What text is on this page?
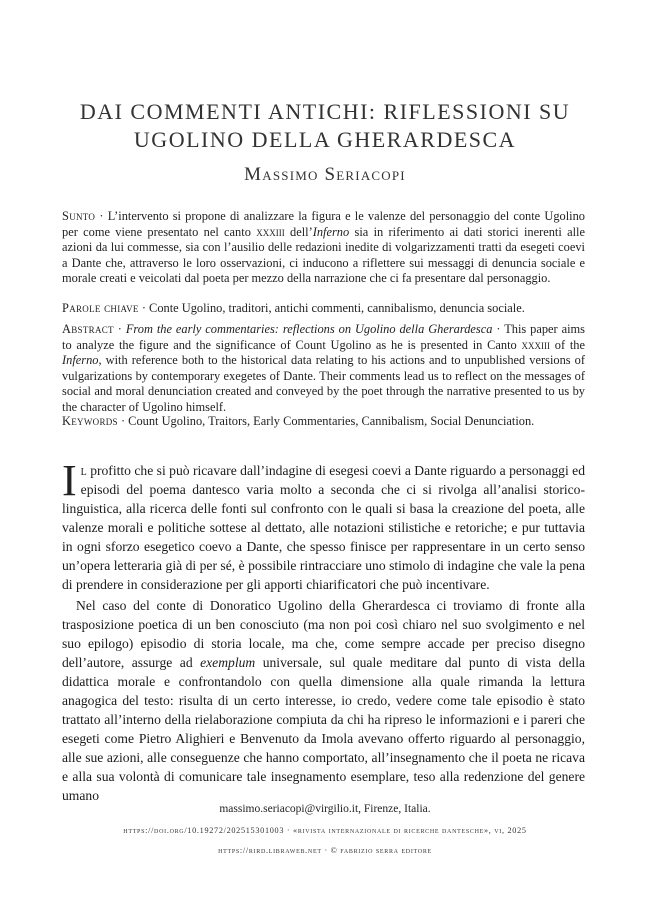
DAI COMMENTI ANTICHI: RIFLESSIONI SU
UGOLINO DELLA GHERARDESCA
Massimo Seriacopi
Sunto · L’intervento si propone di analizzare la figura e le valenze del personaggio del conte Ugolino per come viene presentato nel canto xxxiii dell’Inferno sia in riferimento ai dati storici inerenti alle azioni da lui commesse, sia con l’ausilio delle redazioni inedite di volgarizzamenti tratti da esegeti coevi a Dante che, attraverso le loro osservazioni, ci inducono a riflettere sui messaggi di denuncia sociale e morale creati e veicolati dal poeta per mezzo della narrazione che ci fa presentare dal personaggio.
Parole chiave · Conte Ugolino, traditori, antichi commenti, cannibalismo, denuncia sociale.
Abstract · From the early commentaries: reflections on Ugolino della Gherardesca · This paper aims to analyze the figure and the significance of Count Ugolino as he is presented in Canto xxxiii of the Inferno, with reference both to the historical data relating to his actions and to unpublished versions of vulgarizations by contemporary exegetes of Dante. Their comments lead us to reflect on the messages of social and moral denunciation created and conveyed by the poet through the narrative presented to us by the character of Ugolino himself.
Keywords · Count Ugolino, Traitors, Early Commentaries, Cannibalism, Social Denunciation.
Il profitto che si può ricavare dall’indagine di esegesi coevi a Dante riguardo a personaggi ed episodi del poema dantesco varia molto a seconda che ci si rivolga all’analisi storico-linguistica, alla ricerca delle fonti sul confronto con le quali si basa la creazione del poeta, alle valenze morali e politiche sottese al dettato, alle notazioni stilistiche e retoriche; e pur tuttavia in ogni sforzo esegetico coevo a Dante, che spesso finisce per rappresentare in un certo senso un’opera letteraria già di per sé, è possibile rintracciare uno stimolo di indagine che vale la pena di prendere in considerazione per gli apporti chiarificatori che può incentivare.
Nel caso del conte di Donoratico Ugolino della Gherardesca ci troviamo di fronte alla trasposizione poetica di un ben conosciuto (ma non poi così chiaro nel suo svolgimento e nel suo epilogo) episodio di storia locale, ma che, come sempre accade per preciso disegno dell’autore, assurge ad exemplum universale, sul quale meditare dal punto di vista della didattica morale e confrontandolo con quella dimensione alla quale rimanda la lettura anagogica del testo: risulta di un certo interesse, io credo, vedere come tale episodio è stato trattato all’interno della rielaborazione compiuta da chi ha ripreso le informazioni e i pareri che esegeti come Pietro Alighieri e Benvenuto da Imola avevano offerto riguardo al personaggio, alle sue azioni, alle conseguenze che hanno comportato, all’insegnamento che il poeta ne ricava e alla sua volontà di comunicare tale insegnamento esemplare, teso alla redenzione del genere umano
massimo.seriacopi@virgilio.it, Firenze, Italia.
https://doi.org/10.19272/202515301003 · «rivista internazionale di ricerche dantesche», vi, 2025
https://rird.libraweb.net · © fabrizio serra editore
